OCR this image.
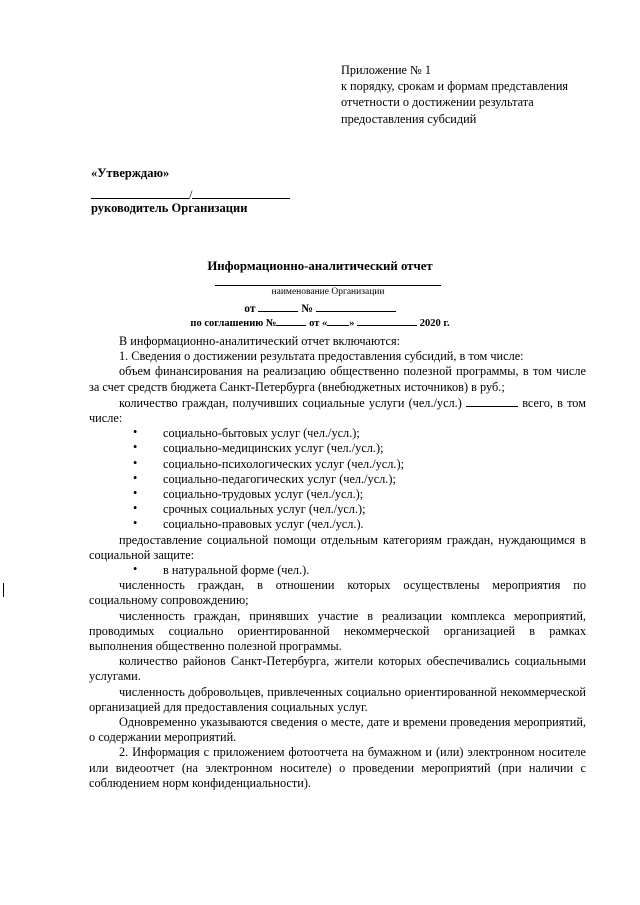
Приложение № 1
к порядку, срокам и формам представления
отчетности о достижении результата
предоставления субсидий
«Утверждаю»
/
руководитель Организации
Информационно-аналитический отчет
наименование Организации
от	№
по соглашению №	от « »	2020 г.

В информационно-аналитический отчет включаются:

1. Сведения о достижении результата предоставления субсидий, в том числе:

объем финансирования на реализацию общественно полезной программы, в том числе за счет средств бюджета Санкт-Петербурга (внебюджетных источников) в руб.;

количество граждан, получивших социальные услуги (чел./усл.)	всего, в том числе:

• социально-бытовых услуг (чел./усл.);
• социально-медицинских услуг (чел./усл.);
• социально-психологических услуг (чел./усл.);
• социально-педагогических услуг (чел./усл.);
• социально-трудовых услуг (чел./усл.);
• срочных социальных услуг (чел./усл.);
• социально-правовых услуг (чел./усл.).

предоставление социальной помощи отдельным категориям граждан, нуждающимся в социальной защите:

• в натуральной форме (чел.).

численность граждан, в отношении которых осуществлены мероприятия по социальному сопровождению;

численность граждан, принявших участие в реализации комплекса мероприятий, проводимых социально ориентированной некоммерческой организацией в рамках выполнения общественно полезной программы.

количество районов Санкт-Петербурга, жители которых обеспечивались социальными услугами.

численность добровольцев, привлеченных социально ориентированной некоммерческой организацией для предоставления социальных услуг.

Одновременно указываются сведения о месте, дате и времени проведения мероприятий, о содержании мероприятий.

2. Информация с приложением фотоотчета на бумажном и (или) электронном носителе или видеоотчет (на электронном носителе) о проведении мероприятий (при наличии с соблюдением норм конфиденциальности).
